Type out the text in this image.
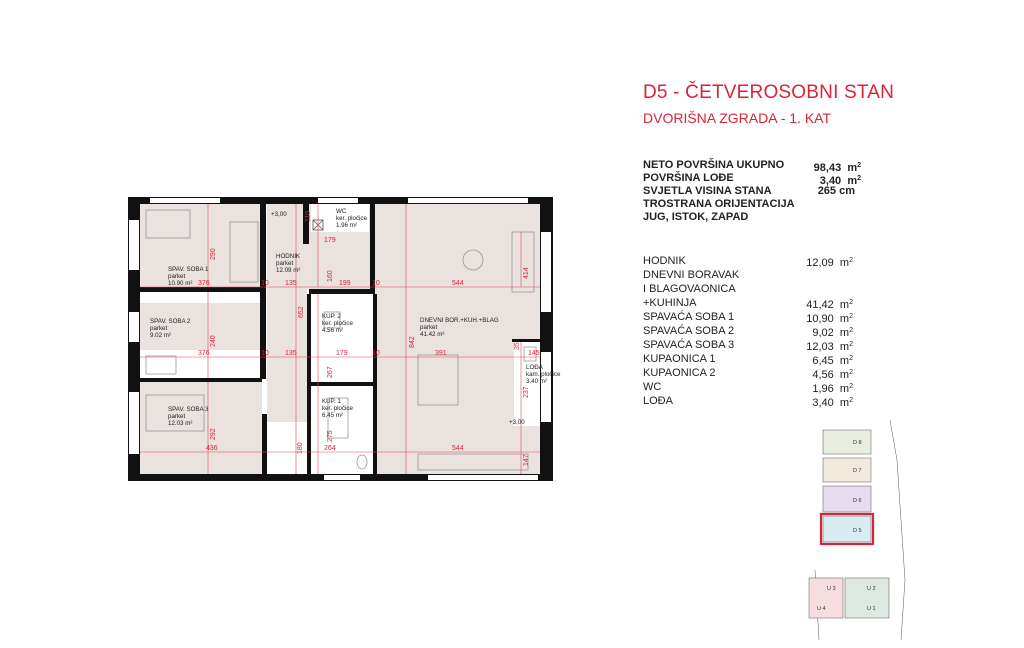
D5 - ČETVEROSOBNI STAN
DVORIŠNA ZGRADA - 1. KAT
NETO POVRŠINA UKUPNO	98,43 $m^2$
POVRŠINA LOĐE	3,40 $m^2$
SVJETLA VISINA STANA	265 cm
TROSTRANA ORIJENTACIJA
JUG, ISTOK, ZAPAD
HODNIK	12,09 $m^2$
DNEVNI BORAVAK
I BLAGOVAONICA
+KUHINJA	41,42 $m^2$
SPAVAĆA SOBA 1	10,90 $m^2$
SPAVAĆA SOBA 2	9,02 $m^2$
SPAVAĆA SOBA 3	12,03 $m^2$
KUPAONICA 1	6,45 $m^2$
KUPAONICA 2	4,56 $m^2$
WC	1,96 $m^2$
LOĐA	3,40 $m^2$
376	10 135	199	10	544
376	10 135	179	10	391	145
436	264	544
179
110
160
267
275
180
290
240
292
652
842
414
237
147
35
SPAV. SOBA 1
parket
10.90 m²
SPAV. SOBA 2
parket
9.02 m²
SPAV. SOBA 3
parket
12.03 m²
HODNIK
parket
12.09 m²
WC
ker. pločice
1.96 m²
KUP. 2
ker. pločice
4.56 m²
KUP. 1
ker. pločice
6.45 m²
DNEVNI BOR.+KUH.+BLAG
parket
41.42 m²
LOĐA
kam. pločice
3.40 m²
+3,00
+3,00
D 8
D 7
D 6
D 5
U 3
U 4
U 2
U 1
